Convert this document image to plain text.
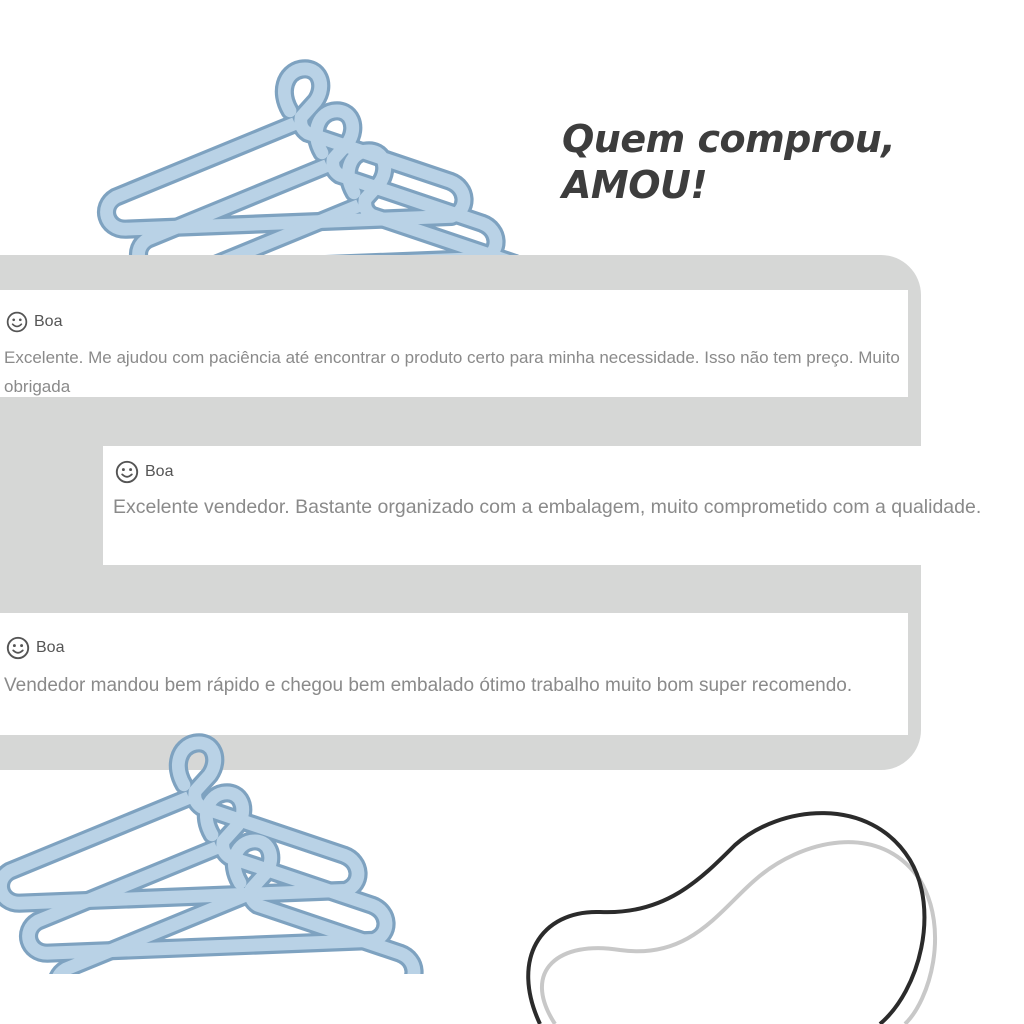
Quem comprou,
AMOU!
Boa

Excelente. Me ajudou com paciência até encontrar o produto certo para minha necessidade. Isso não tem preço. Muito obrigada

Boa

Excelente vendedor. Bastante organizado com a embalagem, muito comprometido com a qualidade.

Boa

Vendedor mandou bem rápido e chegou bem embalado ótimo trabalho muito bom super recomendo.
